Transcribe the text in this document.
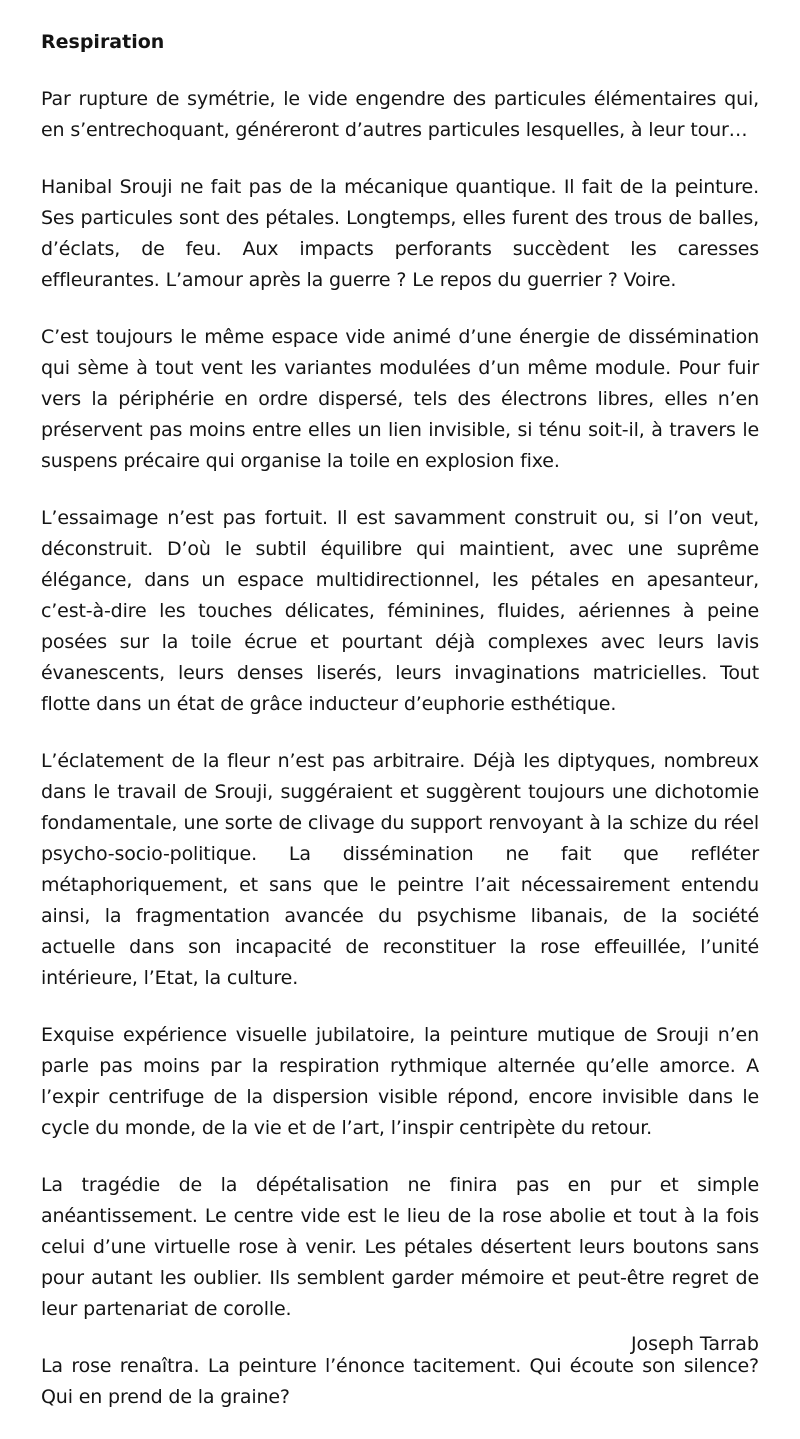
Respiration

Par rupture de symétrie, le vide engendre des particules élémentaires qui, en s’entrechoquant, généreront d’autres particules lesquelles, à leur tour…

Hanibal Srouji ne fait pas de la mécanique quantique. Il fait de la peinture. Ses particules sont des pétales. Longtemps, elles furent des trous de balles, d’éclats, de feu. Aux impacts perforants succèdent les caresses effleurantes. L’amour après la guerre ? Le repos du guerrier ? Voire.

C’est toujours le même espace vide animé d’une énergie de dissémination qui sème à tout vent les variantes modulées d’un même module. Pour fuir vers la périphérie en ordre dispersé, tels des électrons libres, elles n’en préservent pas moins entre elles un lien invisible, si ténu soit-il, à travers le suspens précaire qui organise la toile en explosion fixe.

L’essaimage n’est pas fortuit. Il est savamment construit ou, si l’on veut, déconstruit. D’où le subtil équilibre qui maintient, avec une suprême élégance, dans un espace multidirectionnel, les pétales en apesanteur, c’est-à-dire les touches délicates, féminines, fluides, aériennes à peine posées sur la toile écrue et pourtant déjà complexes avec leurs lavis évanescents, leurs denses liserés, leurs invaginations matricielles. Tout flotte dans un état de grâce inducteur d’euphorie esthétique.

L’éclatement de la fleur n’est pas arbitraire. Déjà les diptyques, nombreux dans le travail de Srouji, suggéraient et suggèrent toujours une dichotomie fondamentale, une sorte de clivage du support renvoyant à la schize du réel psycho-socio-politique. La dissémination ne fait que refléter métaphoriquement, et sans que le peintre l’ait nécessairement entendu ainsi, la fragmentation avancée du psychisme libanais, de la société actuelle dans son incapacité de reconstituer la rose effeuillée, l’unité intérieure, l’Etat, la culture.

Exquise expérience visuelle jubilatoire, la peinture mutique de Srouji n’en parle pas moins par la respiration rythmique alternée qu’elle amorce. A l’expir centrifuge de la dispersion visible répond, encore invisible dans le cycle du monde, de la vie et de l’art, l’inspir centripète du retour.

La tragédie de la dépétalisation ne finira pas en pur et simple anéantissement. Le centre vide est le lieu de la rose abolie et tout à la fois celui d’une virtuelle rose à venir. Les pétales désertent leurs boutons sans pour autant les oublier. Ils semblent garder mémoire et peut-être regret de leur partenariat de corolle.

La rose renaîtra. La peinture l’énonce tacitement. Qui écoute son silence? Qui en prend de la graine?

Joseph Tarrab
